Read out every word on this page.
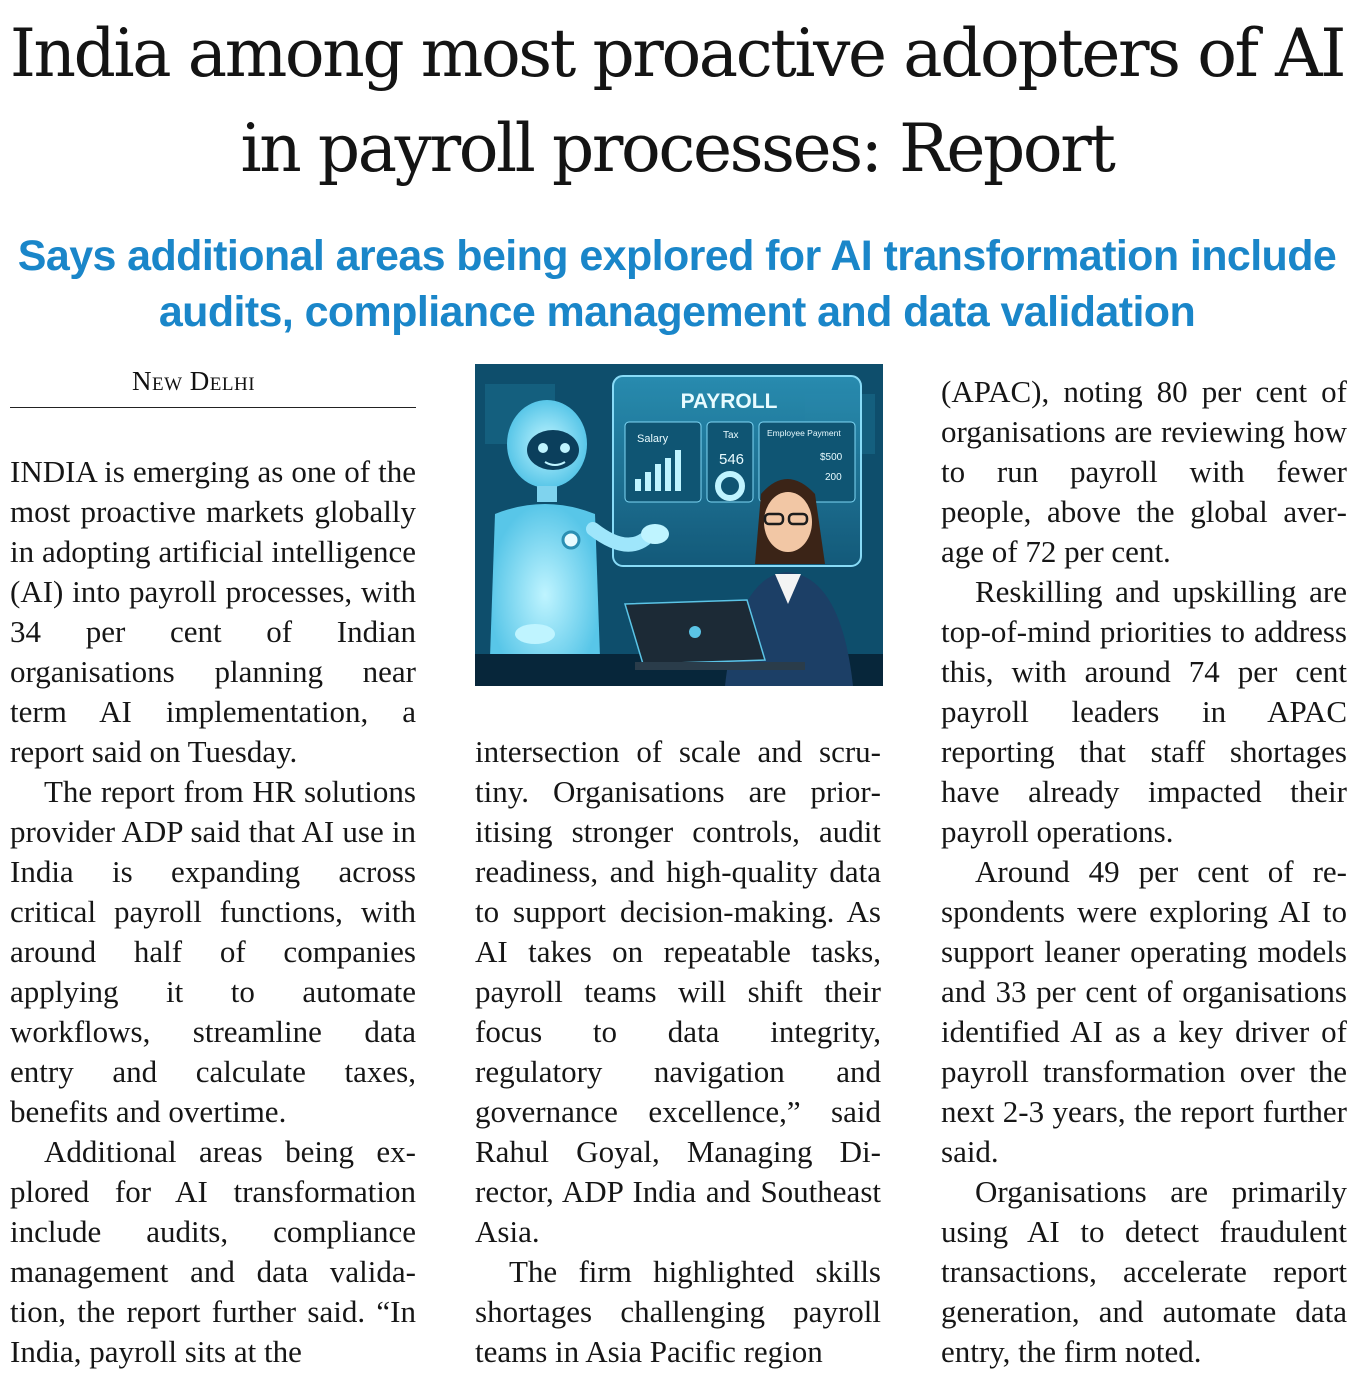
India among most proactive adopters of AI in payroll processes: Report
Says additional areas being explored for AI transformation include audits, compliance management and data validation
New Delhi

INDIA is emerging as one of the most proactive markets globally in adopting artificial intelligence (AI) into payroll processes, with 34 per cent of Indian organisations planning near term AI implementation, a report said on Tuesday.

The report from HR solutions provider ADP said that AI use in India is expanding across critical payroll functions, with around half of companies applying it to automate workflows, streamline data entry and calculate taxes, benefits and overtime.

Additional areas being explored for AI transformation include audits, compliance management and data validation, the report further said. “In India, payroll sits at the

PAYROLL
Salary	Tax
546
Employee Payment
$500
200

intersection of scale and scrutiny. Organisations are prioritising stronger controls, audit readiness, and high-quality data to support decision-making. As AI takes on repeatable tasks, payroll teams will shift their focus to data integrity, regulatory navigation and governance excellence,” said Rahul Goyal, Managing Director, ADP India and Southeast Asia.

The firm highlighted skills shortages challenging payroll teams in Asia Pacific region

(APAC), noting 80 per cent of organisations are reviewing how to run payroll with fewer people, above the global average of 72 per cent.

Reskilling and upskilling are top-of-mind priorities to address this, with around 74 per cent payroll leaders in APAC reporting that staff shortages have already impacted their payroll operations.

Around 49 per cent of respondents were exploring AI to support leaner operating models and 33 per cent of organisations identified AI as a key driver of payroll transformation over the next 2-3 years, the report further said.

Organisations are primarily using AI to detect fraudulent transactions, accelerate report generation, and automate data entry, the firm noted.
